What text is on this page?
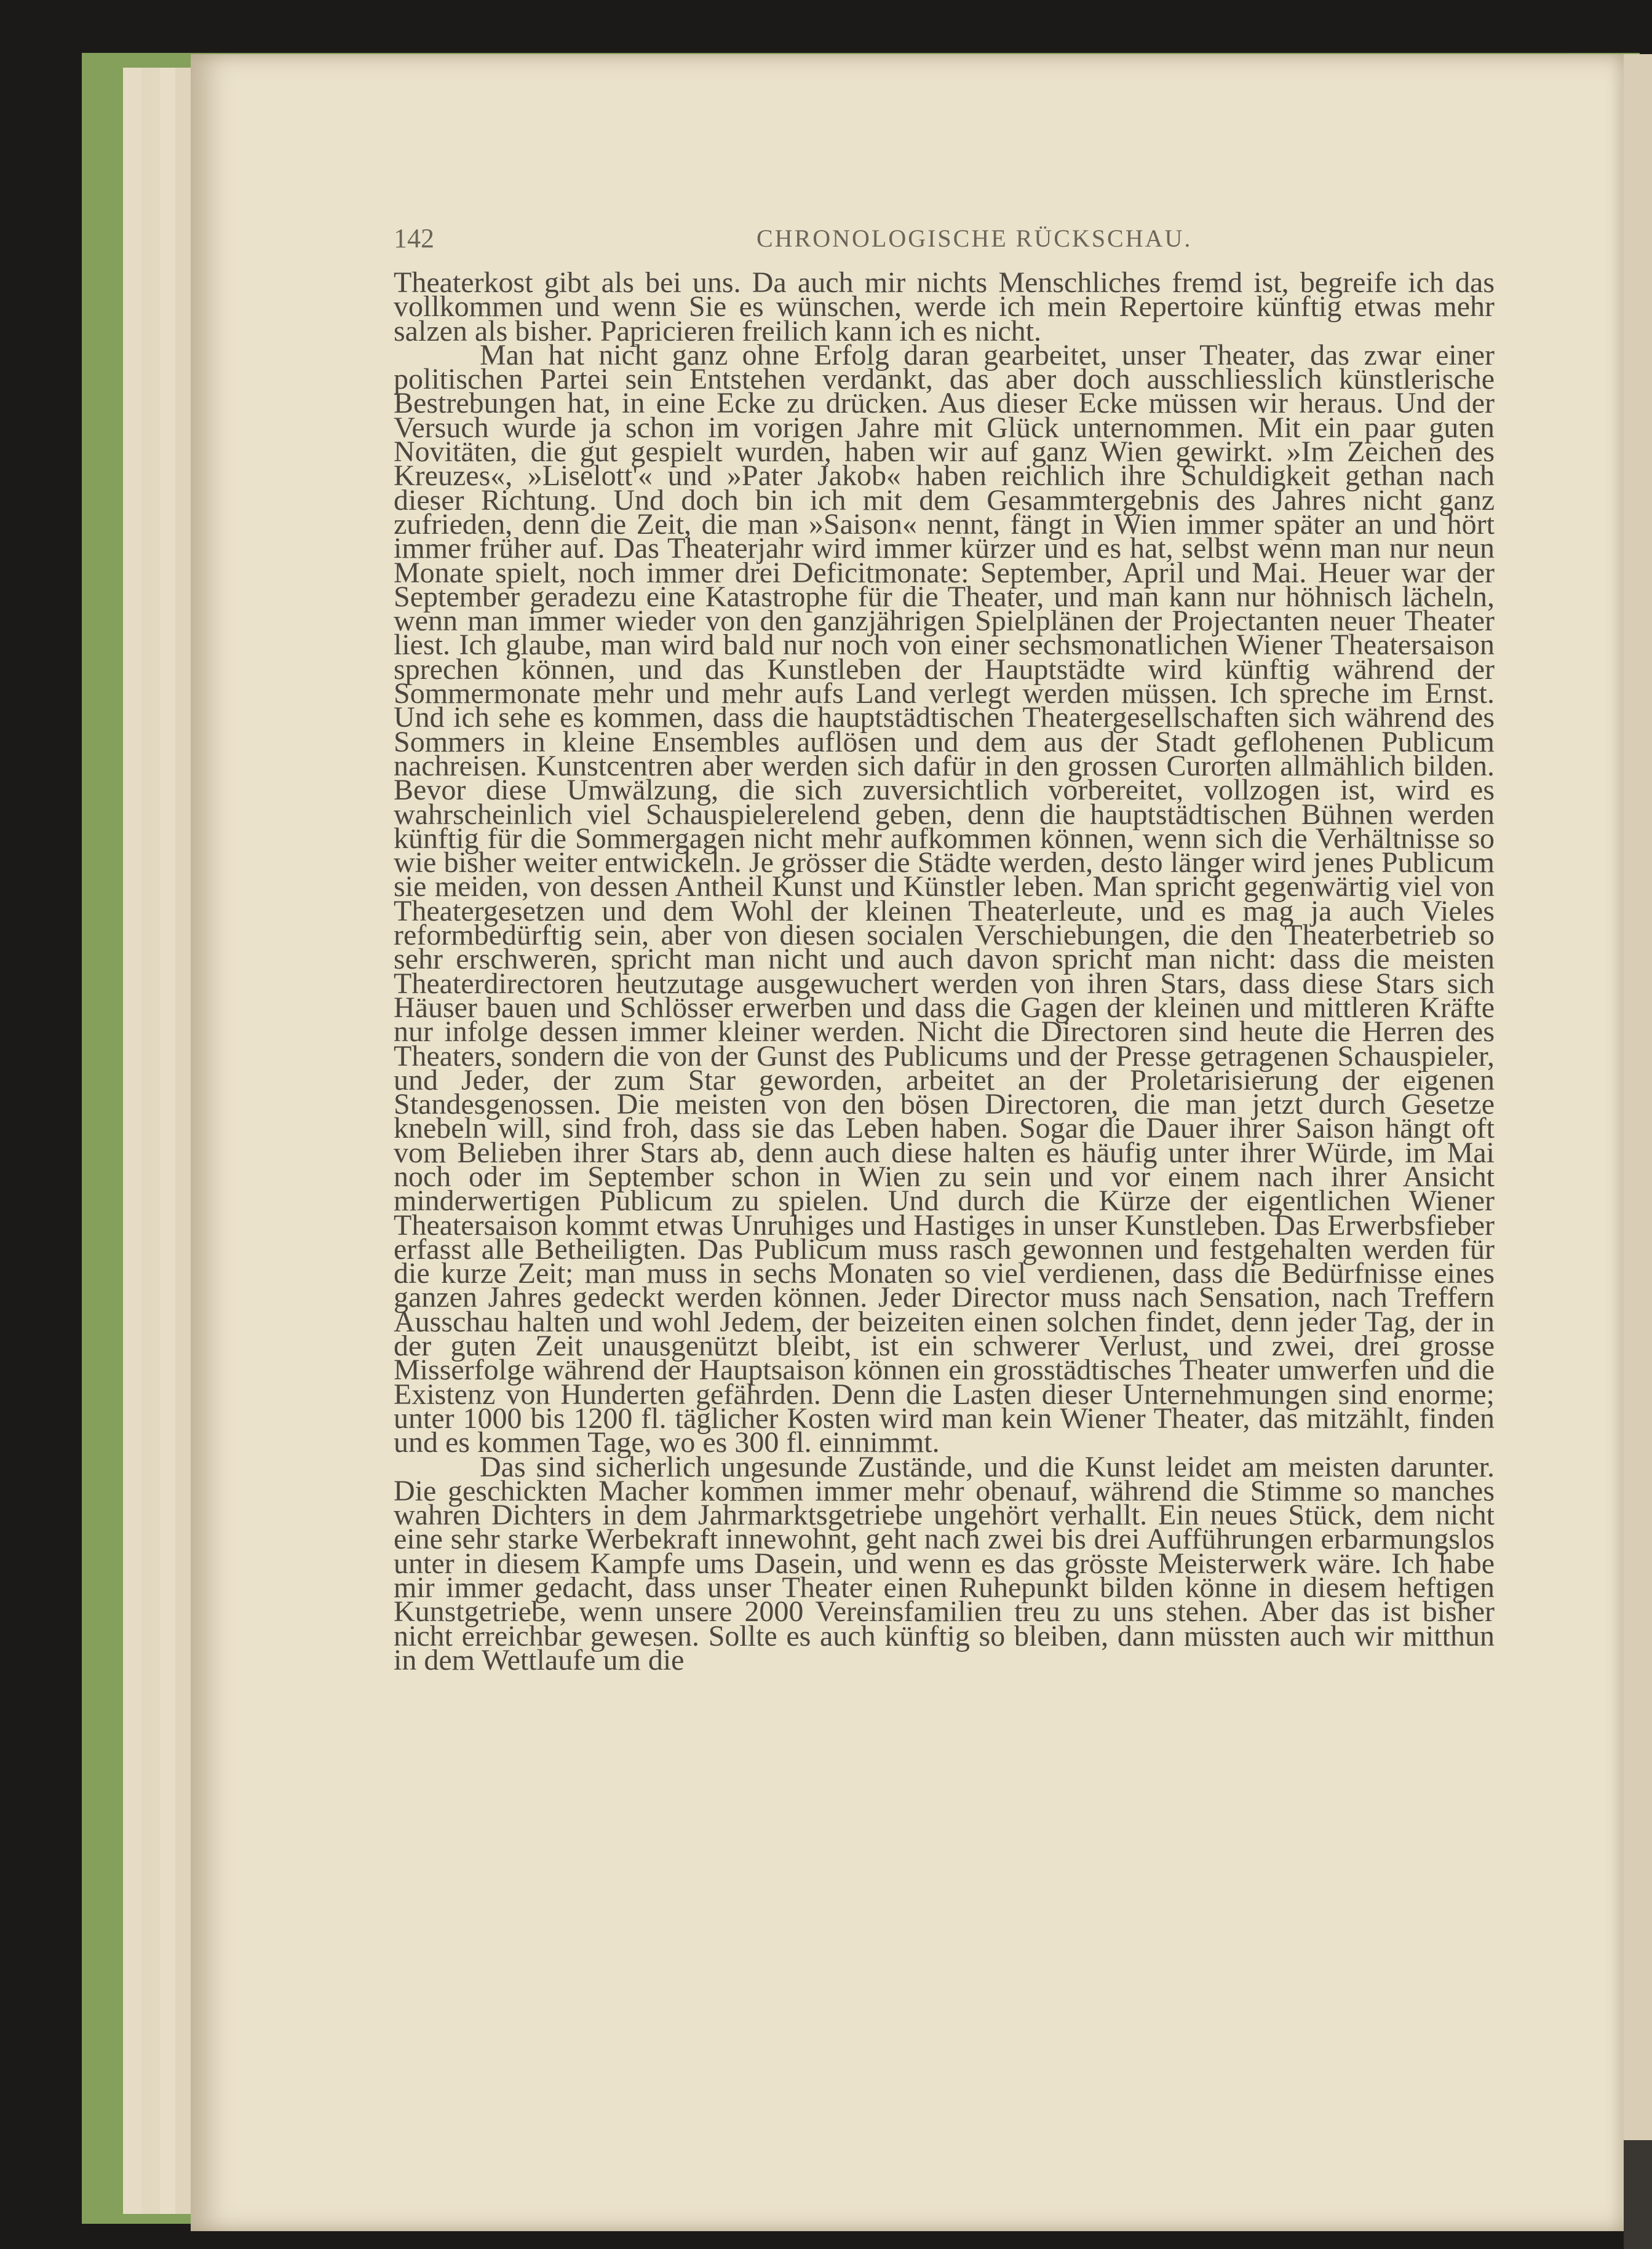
142	CHRONOLOGISCHE RÜCKSCHAU.

Theaterkost gibt als bei uns. Da auch mir nichts Menschliches fremd ist, begreife ich das vollkommen und wenn Sie es wünschen, werde ich mein Repertoire künftig etwas mehr salzen als bisher. Papricieren freilich kann ich es nicht.

Man hat nicht ganz ohne Erfolg daran gearbeitet, unser Theater, das zwar einer politischen Partei sein Entstehen verdankt, das aber doch ausschliesslich künstlerische Bestrebungen hat, in eine Ecke zu drücken. Aus dieser Ecke müssen wir heraus. Und der Versuch wurde ja schon im vorigen Jahre mit Glück unternommen. Mit ein paar guten Novitäten, die gut gespielt wurden, haben wir auf ganz Wien gewirkt. »Im Zeichen des Kreuzes«, »Liselott'« und »Pater Jakob« haben reichlich ihre Schuldigkeit gethan nach dieser Richtung. Und doch bin ich mit dem Gesammtergebnis des Jahres nicht ganz zufrieden, denn die Zeit, die man »Saison« nennt, fängt in Wien immer später an und hört immer früher auf. Das Theaterjahr wird immer kürzer und es hat, selbst wenn man nur neun Monate spielt, noch immer drei Deficitmonate: September, April und Mai. Heuer war der September geradezu eine Katastrophe für die Theater, und man kann nur höhnisch lächeln, wenn man immer wieder von den ganzjährigen Spielplänen der Projectanten neuer Theater liest. Ich glaube, man wird bald nur noch von einer sechsmonatlichen Wiener Theatersaison sprechen können, und das Kunstleben der Hauptstädte wird künftig während der Sommermonate mehr und mehr aufs Land verlegt werden müssen. Ich spreche im Ernst. Und ich sehe es kommen, dass die hauptstädtischen Theatergesellschaften sich während des Sommers in kleine Ensembles auflösen und dem aus der Stadt geflohenen Publicum nachreisen. Kunstcentren aber werden sich dafür in den grossen Curorten allmählich bilden. Bevor diese Umwälzung, die sich zuversichtlich vorbereitet, vollzogen ist, wird es wahrscheinlich viel Schauspielerelend geben, denn die hauptstädtischen Bühnen werden künftig für die Sommergagen nicht mehr aufkommen können, wenn sich die Verhältnisse so wie bisher weiter entwickeln. Je grösser die Städte werden, desto länger wird jenes Publicum sie meiden, von dessen Antheil Kunst und Künstler leben. Man spricht gegenwärtig viel von Theatergesetzen und dem Wohl der kleinen Theaterleute, und es mag ja auch Vieles reformbedürftig sein, aber von diesen socialen Verschiebungen, die den Theaterbetrieb so sehr erschweren, spricht man nicht und auch davon spricht man nicht: dass die meisten Theaterdirectoren heutzutage ausgewuchert werden von ihren Stars, dass diese Stars sich Häuser bauen und Schlösser erwerben und dass die Gagen der kleinen und mittleren Kräfte nur infolge dessen immer kleiner werden. Nicht die Directoren sind heute die Herren des Theaters, sondern die von der Gunst des Publicums und der Presse getragenen Schauspieler, und Jeder, der zum Star geworden, arbeitet an der Proletarisierung der eigenen Standesgenossen. Die meisten von den bösen Directoren, die man jetzt durch Gesetze knebeln will, sind froh, dass sie das Leben haben. Sogar die Dauer ihrer Saison hängt oft vom Belieben ihrer Stars ab, denn auch diese halten es häufig unter ihrer Würde, im Mai noch oder im September schon in Wien zu sein und vor einem nach ihrer Ansicht minderwertigen Publicum zu spielen. Und durch die Kürze der eigentlichen Wiener Theatersaison kommt etwas Unruhiges und Hastiges in unser Kunstleben. Das Erwerbsfieber erfasst alle Betheiligten. Das Publicum muss rasch gewonnen und festgehalten werden für die kurze Zeit; man muss in sechs Monaten so viel verdienen, dass die Bedürfnisse eines ganzen Jahres gedeckt werden können. Jeder Director muss nach Sensation, nach Treffern Ausschau halten und wohl Jedem, der beizeiten einen solchen findet, denn jeder Tag, der in der guten Zeit unausgenützt bleibt, ist ein schwerer Verlust, und zwei, drei grosse Misserfolge während der Hauptsaison können ein grosstädtisches Theater umwerfen und die Existenz von Hunderten gefährden. Denn die Lasten dieser Unternehmungen sind enorme; unter 1000 bis 1200 fl. täglicher Kosten wird man kein Wiener Theater, das mitzählt, finden und es kommen Tage, wo es 300 fl. einnimmt.

Das sind sicherlich ungesunde Zustände, und die Kunst leidet am meisten darunter. Die geschickten Macher kommen immer mehr obenauf, während die Stimme so manches wahren Dichters in dem Jahrmarktsgetriebe ungehört verhallt. Ein neues Stück, dem nicht eine sehr starke Werbekraft innewohnt, geht nach zwei bis drei Aufführungen erbarmungslos unter in diesem Kampfe ums Dasein, und wenn es das grösste Meisterwerk wäre. Ich habe mir immer gedacht, dass unser Theater einen Ruhepunkt bilden könne in diesem heftigen Kunstgetriebe, wenn unsere 2000 Vereinsfamilien treu zu uns stehen. Aber das ist bisher nicht erreichbar gewesen. Sollte es auch künftig so bleiben, dann müssten auch wir mitthun in dem Wettlaufe um die
